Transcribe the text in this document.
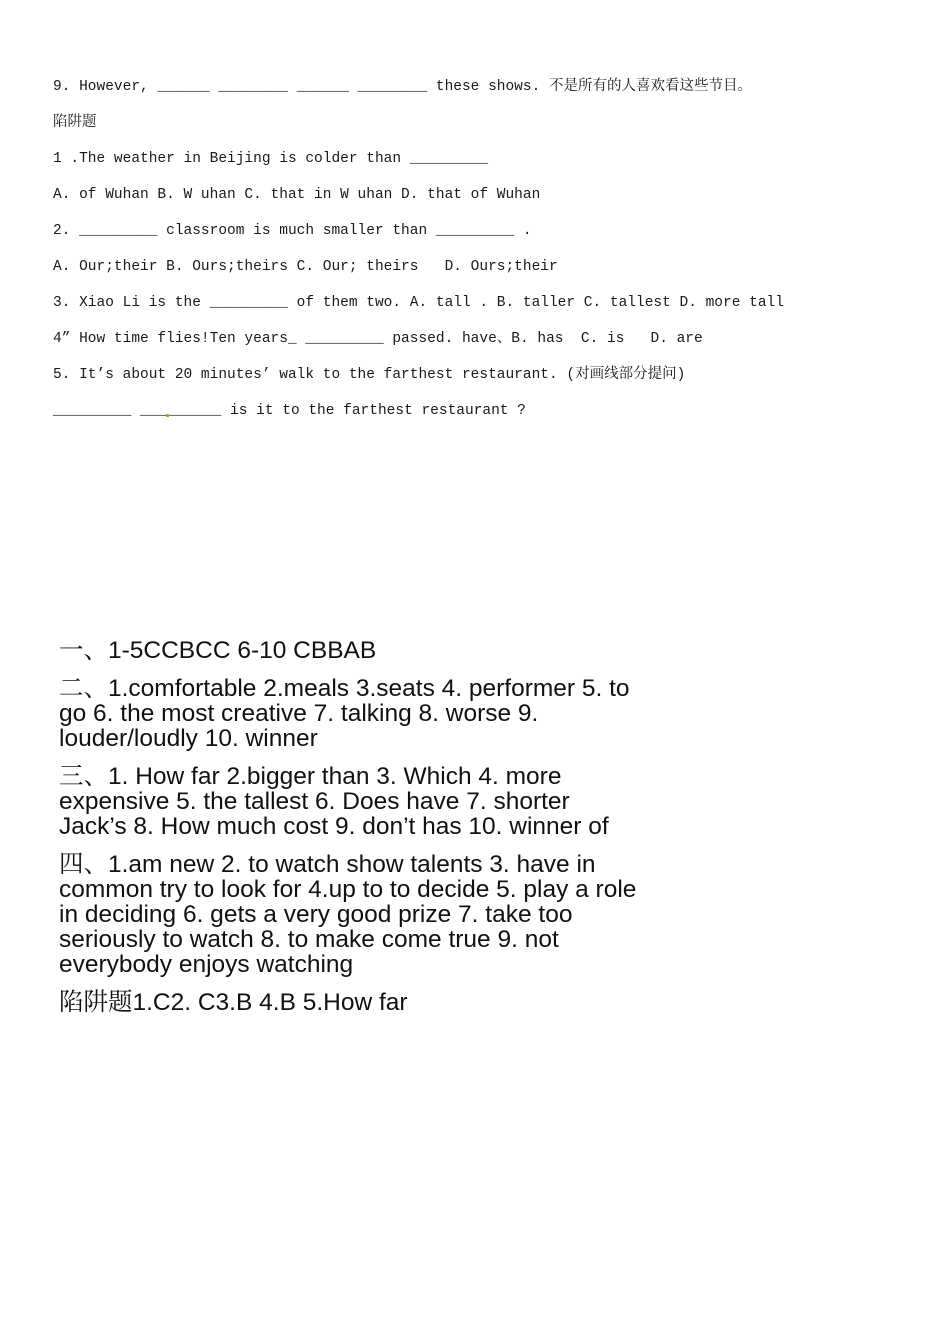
9. However, ______ ________ ______ ________ these shows. 不是所有的人喜欢看这些节目。
陷阱题
1 .The weather in Beijing is colder than _________
A. of Wuhan B. W uhan C. that in W uhan D. that of Wuhan
2. _________ classroom is much smaller than _________ .
A. Our;their B. Ours;theirs C. Our; theirs   D. Ours;their
3. Xiao Li is the _________ of them two. A. tall . B. taller C. tallest D. more tall
4” How time flies!Ten years_ _________ passed. have、B. has  C. is   D. are
5. It’s about 20 minutes’ walk to the farthest restaurant. (对画线部分提问)
_________ ___ ______ is it to the farthest restaurant ?

一、1-5CCBCC 6-10 CBBAB

二、1.comfortable 2.meals 3.seats 4. performer 5. to go 6. the most creative 7. talking 8. worse 9. louder/loudly 10. winner

三、1. How far 2.bigger than 3. Which 4. more expensive 5. the tallest 6. Does have 7. shorter Jack’s 8. How much cost 9. don’t has 10. winner of

四、1.am new 2. to watch show talents 3. have in common try to look for 4.up to to decide 5. play a role in deciding 6. gets a very good prize 7. take too seriously to watch 8. to make come true 9. not everybody enjoys watching

陷阱题1.C2. C3.B 4.B 5.How far
